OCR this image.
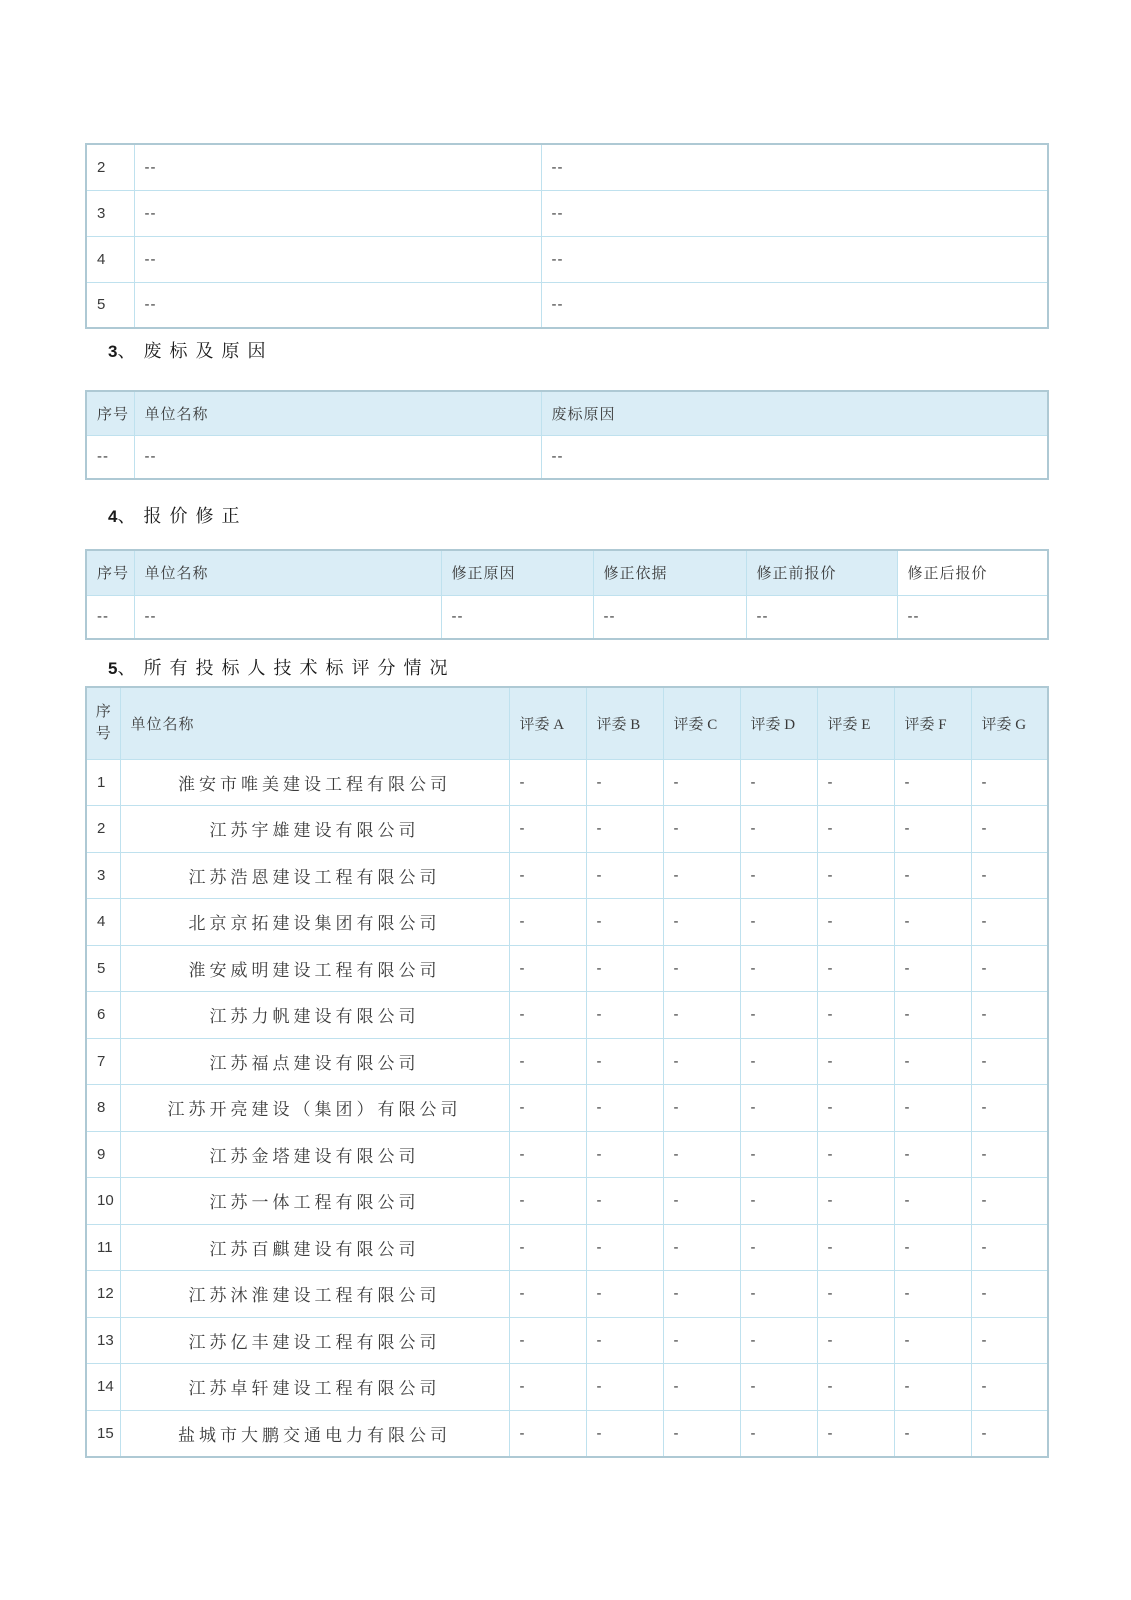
2	--	--
3	--	--
4	--	--
5	--	--
3、废标及原因
序号	单位名称	废标原因
--	--	--
4、报价修正
序号	单位名称	修正原因	修正依据	修正前报价	修正后报价
--	--	--	--	--	--
5、所有投标人技术标评分情况
序号	单位名称	评委 A	评委 B	评委 C	评委 D	评委 E	评委 F	评委 G
1	淮安市唯美建设工程有限公司	-	-	-	-	-	-	-
2	江苏宇雄建设有限公司	-	-	-	-	-	-	-
3	江苏浩恩建设工程有限公司	-	-	-	-	-	-	-
4	北京京拓建设集团有限公司	-	-	-	-	-	-	-
5	淮安威明建设工程有限公司	-	-	-	-	-	-	-
6	江苏力帆建设有限公司	-	-	-	-	-	-	-
7	江苏福点建设有限公司	-	-	-	-	-	-	-
8	江苏开亮建设（集团）有限公司	-	-	-	-	-	-	-
9	江苏金塔建设有限公司	-	-	-	-	-	-	-
10	江苏一体工程有限公司	-	-	-	-	-	-	-
11	江苏百麒建设有限公司	-	-	-	-	-	-	-
12	江苏沐淮建设工程有限公司	-	-	-	-	-	-	-
13	江苏亿丰建设工程有限公司	-	-	-	-	-	-	-
14	江苏卓轩建设工程有限公司	-	-	-	-	-	-	-
15	盐城市大鹏交通电力有限公司	-	-	-	-	-	-	-
